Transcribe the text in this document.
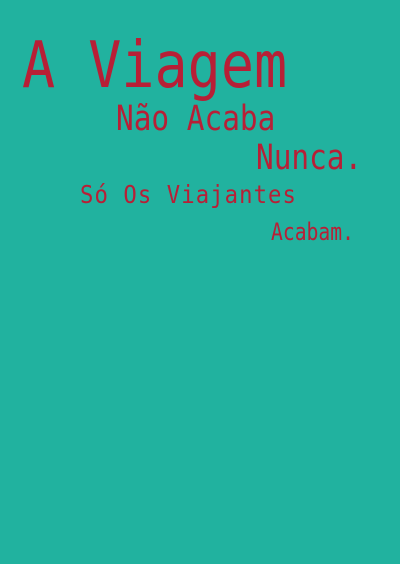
A Viagem
Não Acaba
Nunca.
Só Os Viajantes
Acabam.
